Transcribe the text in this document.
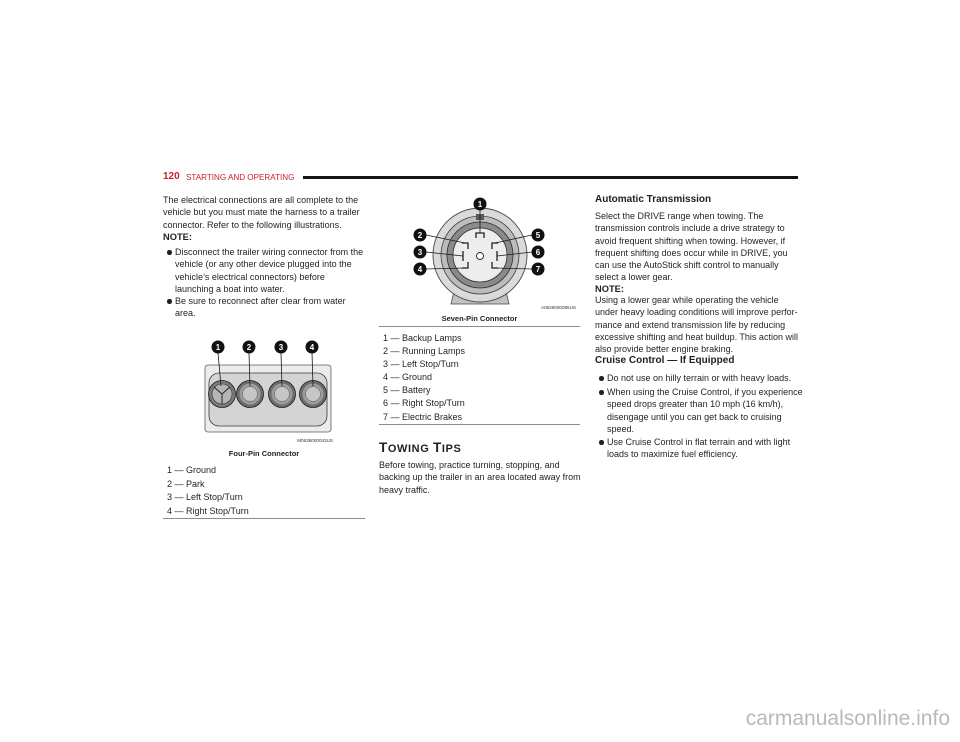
120 STARTING AND OPERATING
The electrical connections are all complete to the
vehicle but you must mate the harness to a trailer
connector. Refer to the following illustrations.
NOTE:
Disconnect the trailer wiring connector from the
vehicle (or any other device plugged into the
vehicle’s electrical connectors) before
launching a boat into water.
Be sure to reconnect after clear from water
area.
1	2	3	4
M0636000043US
Four-Pin Connector
1 — Ground
2 — Park
3 — Left Stop/Turn
4 — Right Stop/Turn
1
2
3
4
5
6
7
A0636000085US
Seven-Pin Connector
1 — Backup Lamps
2 — Running Lamps
3 — Left Stop/Turn
4 — Ground
5 — Battery
6 — Right Stop/Turn
7 — Electric Brakes
TOWING TIPS
Before towing, practice turning, stopping, and
backing up the trailer in an area located away from
heavy traffic.
Automatic Transmission
Select the DRIVE range when towing. The
transmission controls include a drive strategy to
avoid frequent shifting when towing. However, if
frequent shifting does occur while in DRIVE, you
can use the AutoStick shift control to manually
select a lower gear.
NOTE:
Using a lower gear while operating the vehicle
under heavy loading conditions will improve perfor-
mance and extend transmission life by reducing
excessive shifting and heat buildup. This action will
also provide better engine braking.
Cruise Control — If Equipped
Do not use on hilly terrain or with heavy loads.
When using the Cruise Control, if you experience
speed drops greater than 10 mph (16 km/h),
disengage until you can get back to cruising
speed.
Use Cruise Control in flat terrain and with light
loads to maximize fuel efficiency.
carmanualsonline.info
